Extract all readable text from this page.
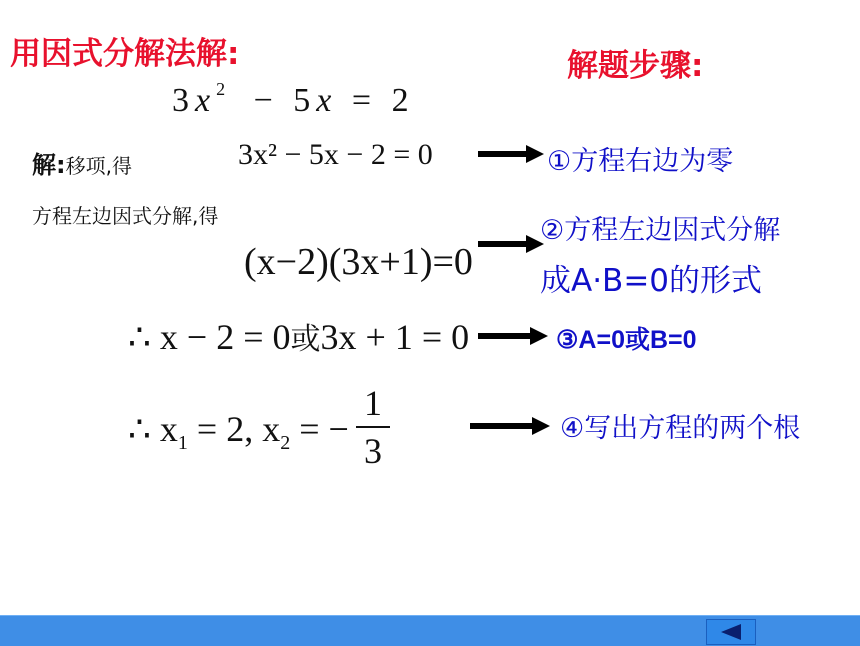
用因式分解法解:	解题步骤:
$3x^2 - 5x = 2$
解:移项,得	3x² − 5x − 2 = 0
方程左边因式分解,得
(x−2)(3x+1)=0
∴ x − 2 = 0或3x + 1 = 0
∴ $x_1 = 2$, $x_2$ = −
1
3
①方程右边为零
②方程左边因式分解
成A·B=0的形式
③A=0或B=0
④写出方程的两个根
